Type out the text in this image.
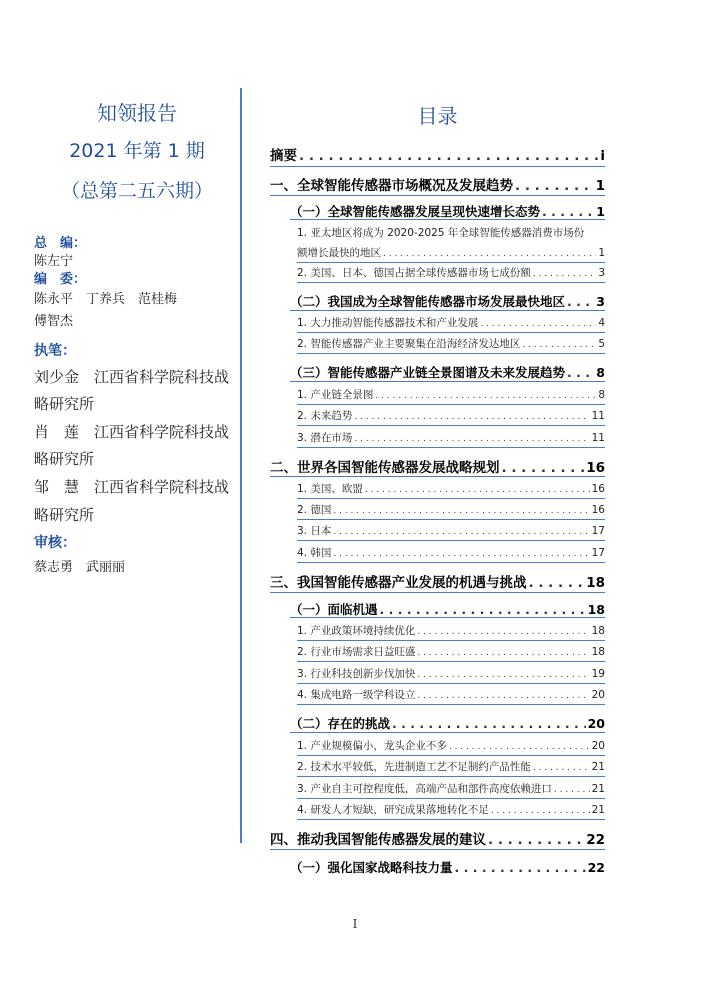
知领报告
2021 年第 1 期
（总第二五六期）
总　编：
陈左宁
编　委：
陈永平　丁养兵　范桂梅
傅智杰
执笔：
刘少金　江西省科学院科技战
略研究所
肖　莲　江西省科学院科技战
略研究所
邹　慧　江西省科学院科技战
略研究所
审核：
蔡志勇　武丽丽
目录
摘要 . . .	i
一、全球智能传感器市场概况及发展趋势 . . .	1
（一）全球智能传感器发展呈现快速增长态势 . . .	1
1. 亚太地区将成为 2020-2025 年全球智能传感器消费市场份
额增长最快的地区 . . .	1
2. 美国、日本、德国占据全球传感器市场七成份额 . . .	3
（二）我国成为全球智能传感器市场发展最快地区 . . .	3
1. 大力推动智能传感器技术和产业发展 . . .	4
2. 智能传感器产业主要聚集在沿海经济发达地区 . . .	5
（三）智能传感器产业链全景图谱及未来发展趋势 . . .	8
1. 产业链全景图 . . .	8
2. 未来趋势 . . .	11
3. 潜在市场 . . .	11
二、世界各国智能传感器发展战略规划 . . .	16
1. 美国、欧盟 . . .	16
2. 德国 . . .	16
3. 日本 . . .	17
4. 韩国 . . .	17
三、我国智能传感器产业发展的机遇与挑战 . . .	18
（一）面临机遇 . . .	18
1. 产业政策环境持续优化 . . .	18
2. 行业市场需求日益旺盛 . . .	18
3. 行业科技创新步伐加快 . . .	19
4. 集成电路一级学科设立 . . .	20
（二）存在的挑战 . . .	20
1. 产业规模偏小，龙头企业不多 . . .	20
2. 技术水平较低，先进制造工艺不足制约产品性能 . . .	21
3. 产业自主可控程度低，高端产品和部件高度依赖进口 . . .	21
4. 研发人才短缺，研究成果落地转化不足 . . .	21
四、推动我国智能传感器发展的建议 . . .	22
（一）强化国家战略科技力量 . . .	22
I
